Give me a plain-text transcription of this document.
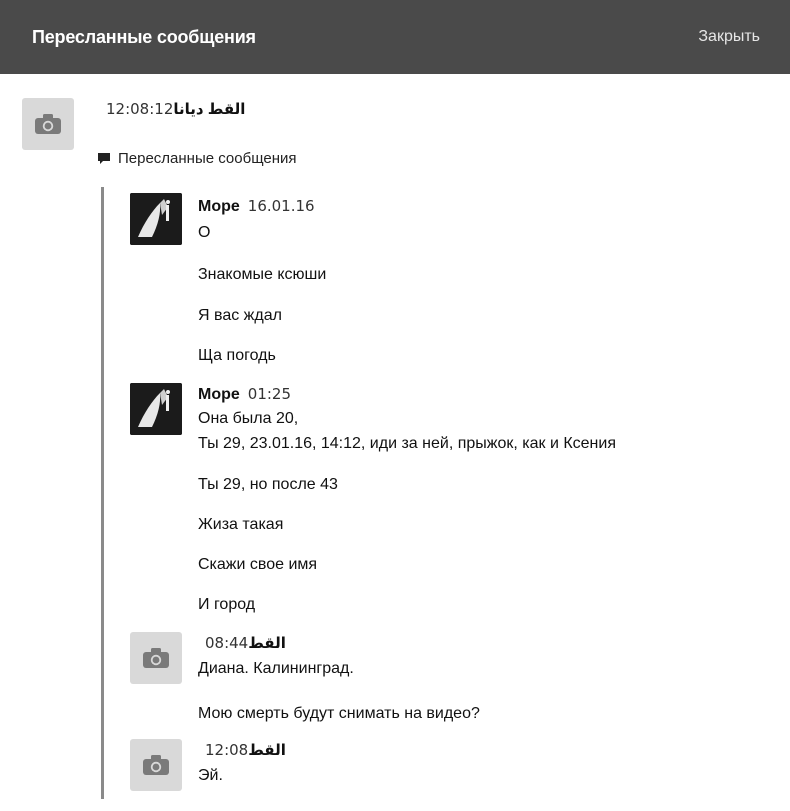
Пересланные сообщения	Закрыть
12:08:12 القط ديانا
Пересланные сообщения
Море 16.01.16
О
Знакомые ксюши
Я вас ждал
Ща погодь
Море 01:25
Она была 20,
Ты 29, 23.01.16, 14:12, иди за ней, прыжок, как и Ксения
Ты 29, но после 43
Жиза такая
Скажи свое имя
И город
08:44 القط
Диана. Калининград.
Мою смерть будут снимать на видео?
12:08 القط
Эй.
